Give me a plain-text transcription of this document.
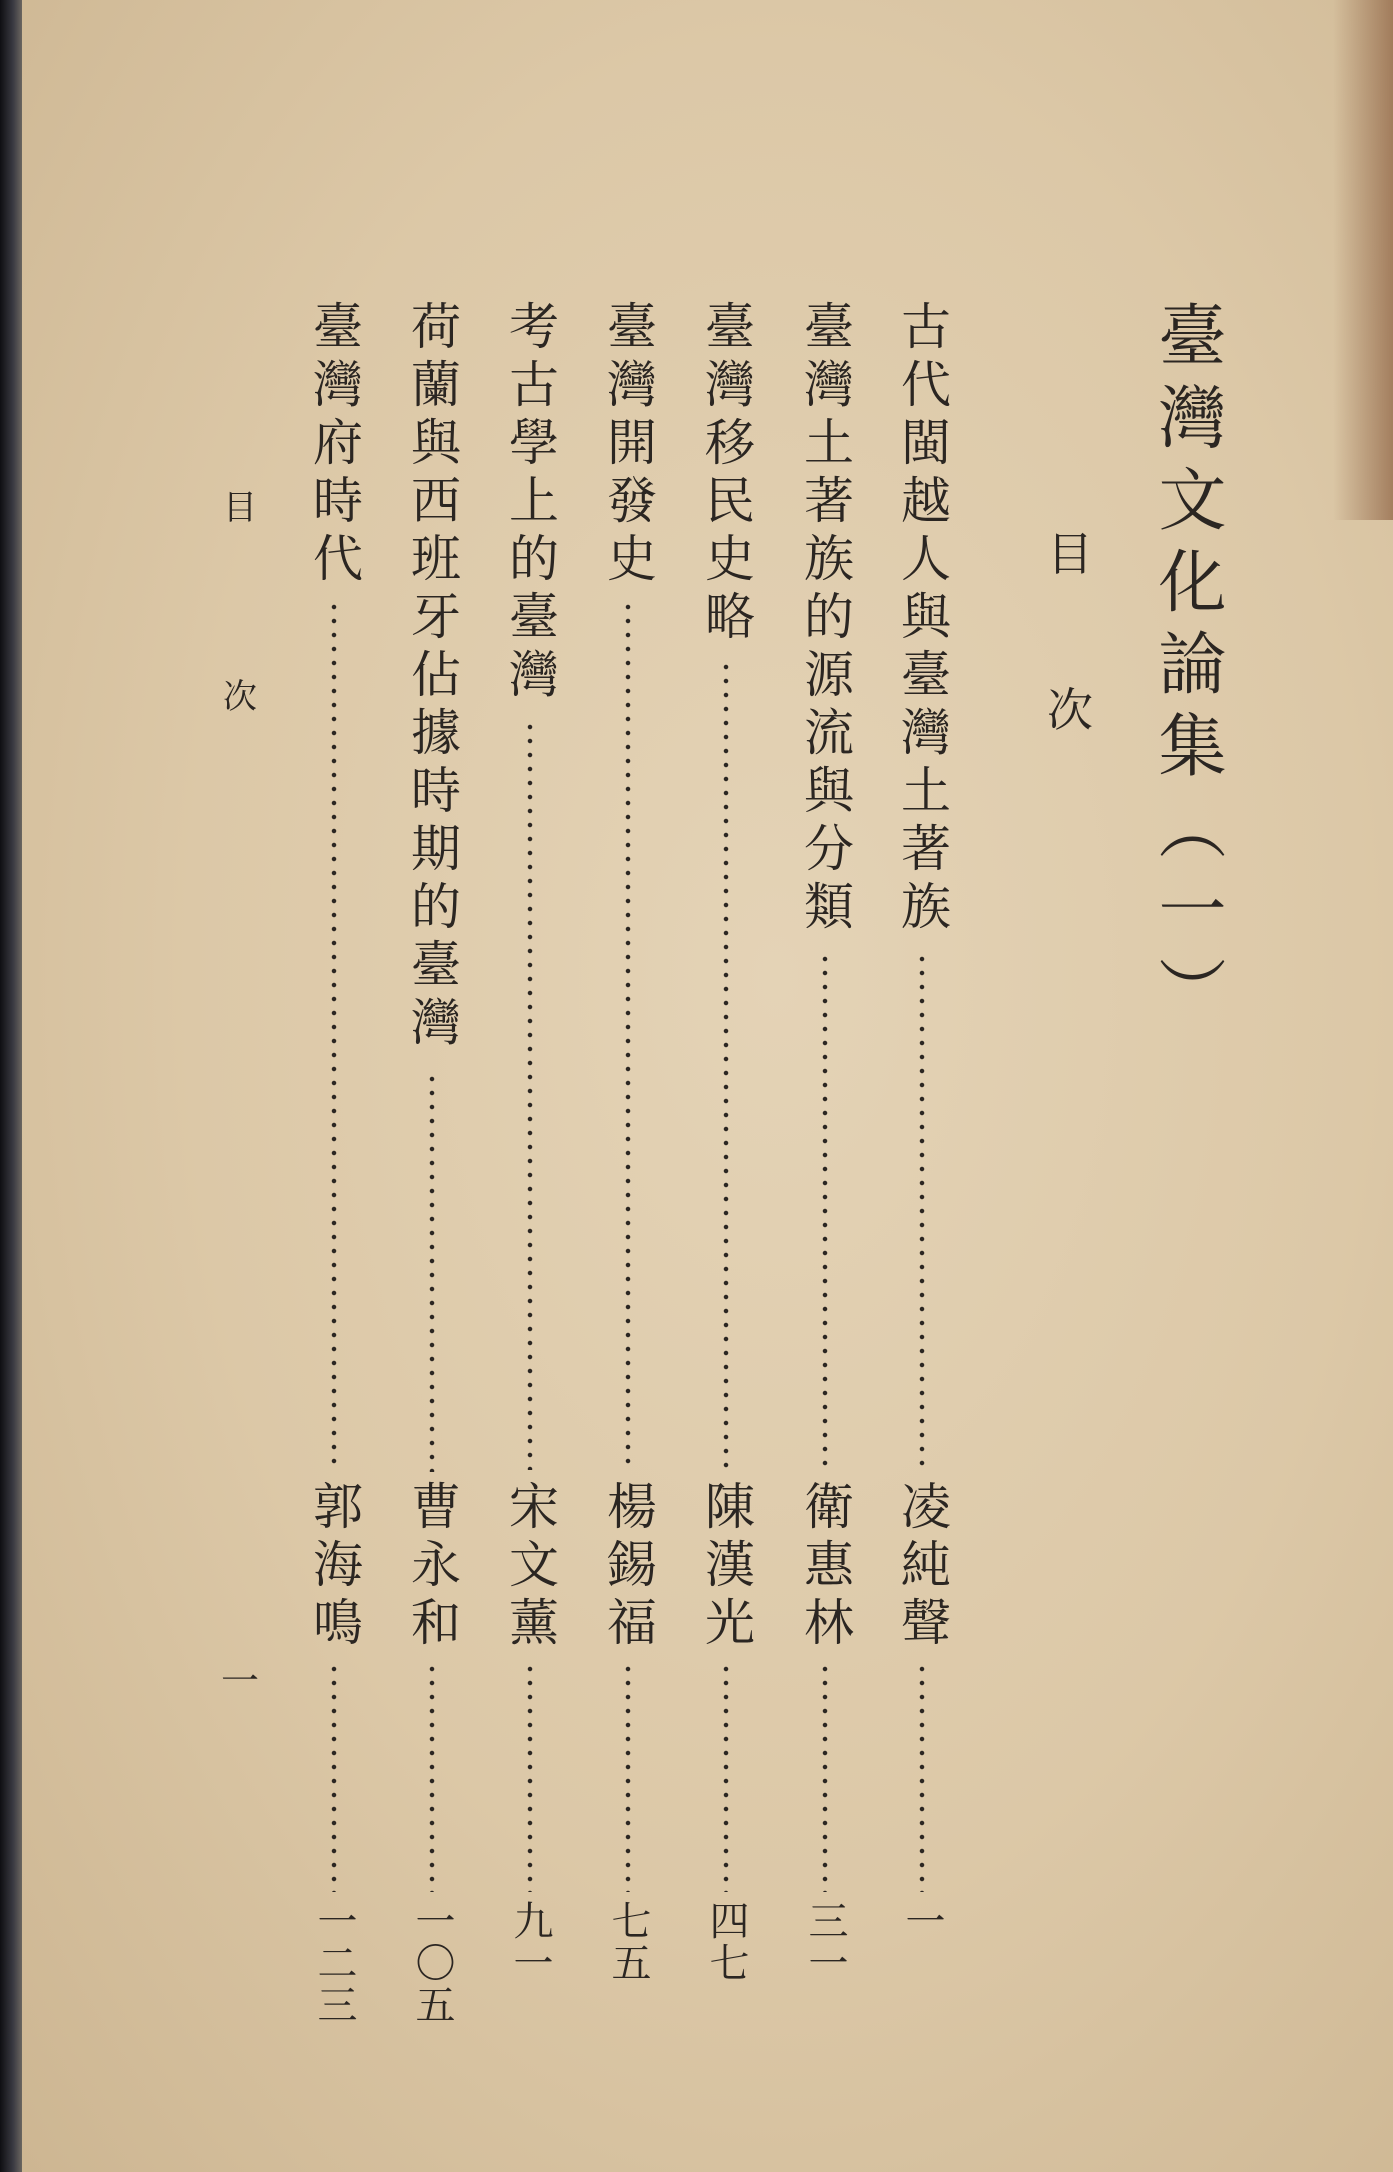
臺灣文化論集（一）
目
次
古代閩越人與臺灣土著族
凌純聲
一
臺灣土著族的源流與分類
衛惠林
三一
臺灣移民史略
陳漢光
四七
臺灣開發史
楊錫福
七五
考古學上的臺灣
宋文薰
九一
荷蘭與西班牙佔據時期的臺灣
曹永和
一〇五
臺灣府時代
郭海鳴
一二三
目
次
一
